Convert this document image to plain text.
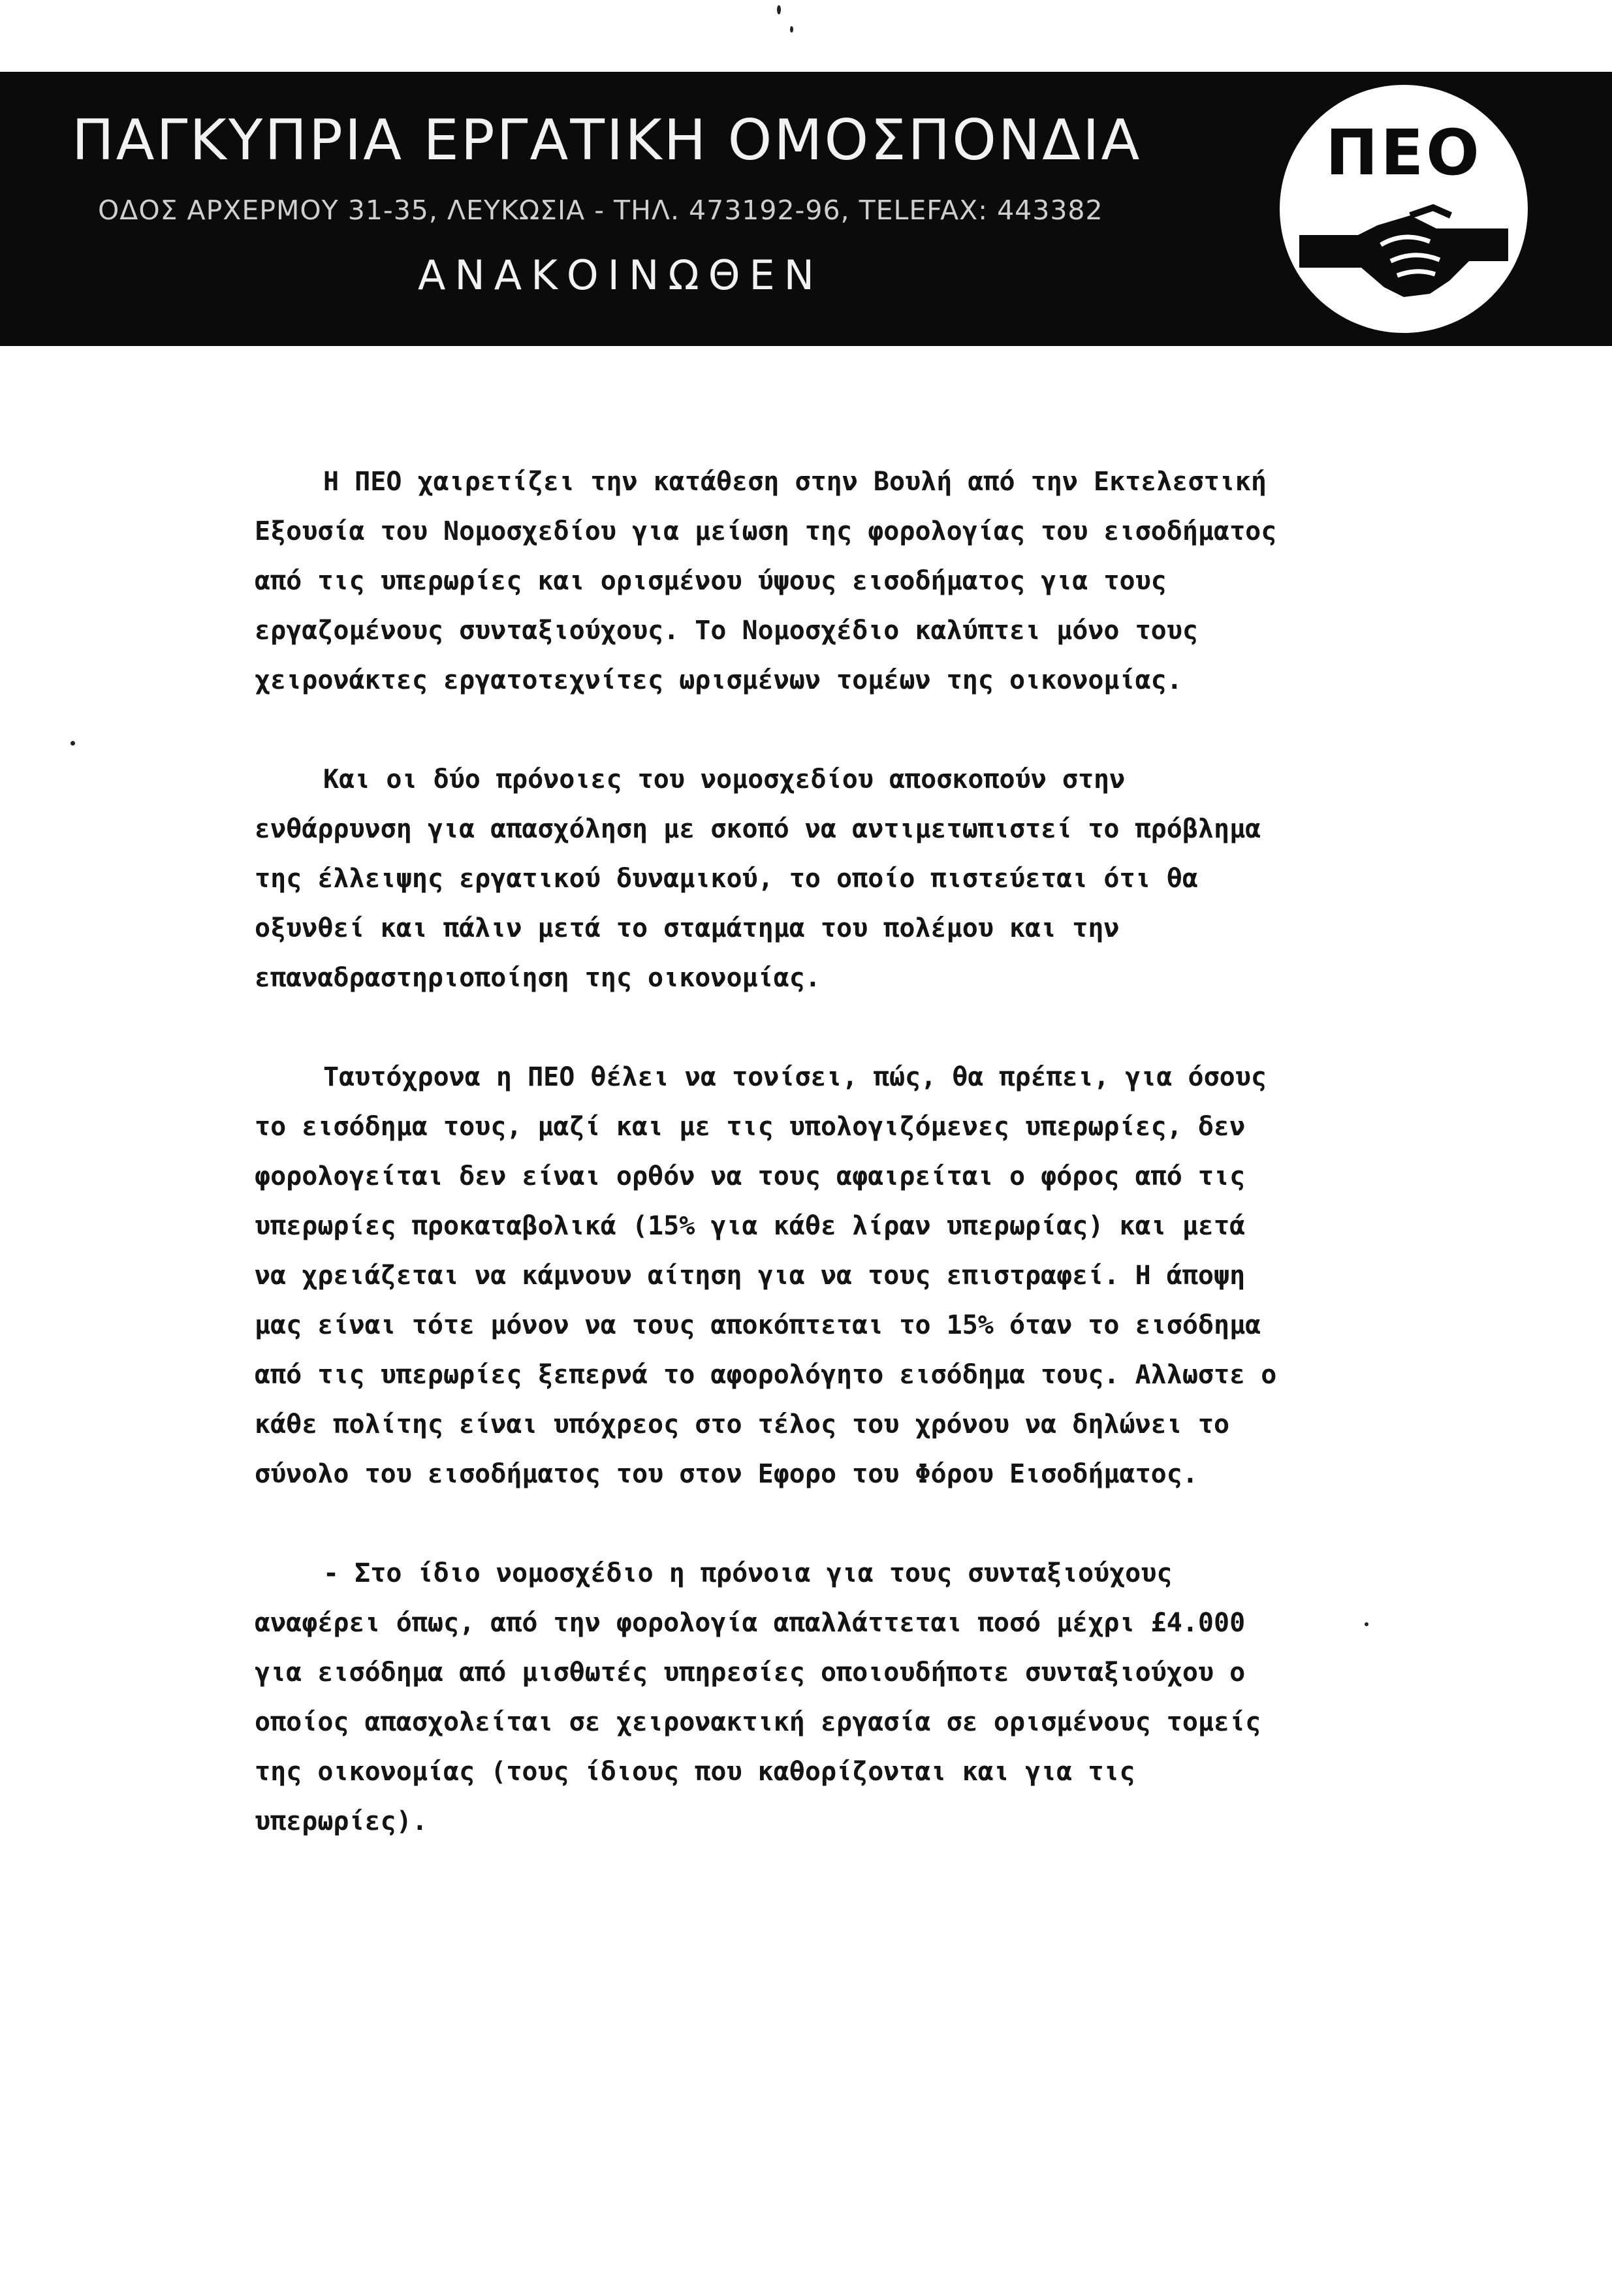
ΠΑΓΚΥΠΡΙΑ ΕΡΓΑΤΙΚΗ ΟΜΟΣΠΟΝΔΙΑ
ΟΔΟΣ ΑΡΧΕΡΜΟΥ 31-35, ΛΕΥΚΩΣΙΑ - ΤΗΛ. 473192-96, TELEFAX: 443382
ΑΝΑΚΟΙΝΩΘΕΝ
ΠΕΟ
Η ΠΕΟ χαιρετίζει την κατάθεση στην Βουλή από την Εκτελεστική
Εξουσία του Νομοσχεδίου για μείωση της φορολογίας του εισοδήματος
από τις υπερωρίες και ορισμένου ύψους εισοδήματος για τους
εργαζομένους συνταξιούχους. Το Νομοσχέδιο καλύπτει μόνο τους
χειρονάκτες εργατοτεχνίτες ωρισμένων τομέων της οικονομίας.
Και οι δύο πρόνοιες του νομοσχεδίου αποσκοπούν στην
ενθάρρυνση για απασχόληση με σκοπό να αντιμετωπιστεί το πρόβλημα
της έλλειψης εργατικού δυναμικού, το οποίο πιστεύεται ότι θα
οξυνθεί και πάλιν μετά το σταμάτημα του πολέμου και την
επαναδραστηριοποίηση της οικονομίας.
Ταυτόχρονα η ΠΕΟ θέλει να τονίσει, πώς, θα πρέπει, για όσους
το εισόδημα τους, μαζί και με τις υπολογιζόμενες υπερωρίες, δεν
φορολογείται δεν είναι ορθόν να τους αφαιρείται ο φόρος από τις
υπερωρίες προκαταβολικά (15% για κάθε λίραν υπερωρίας) και μετά
να χρειάζεται να κάμνουν αίτηση για να τους επιστραφεί. Η άποψη
μας είναι τότε μόνον να τους αποκόπτεται το 15% όταν το εισόδημα
από τις υπερωρίες ξεπερνά το αφορολόγητο εισόδημα τους. Αλλωστε ο
κάθε πολίτης είναι υπόχρεος στο τέλος του χρόνου να δηλώνει το
σύνολο του εισοδήματος του στον Εφορο του Φόρου Εισοδήματος.
- Στο ίδιο νομοσχέδιο η πρόνοια για τους συνταξιούχους
αναφέρει όπως, από την φορολογία απαλλάττεται ποσό μέχρι £4.000
για εισόδημα από μισθωτές υπηρεσίες οποιουδήποτε συνταξιούχου ο
οποίος απασχολείται σε χειρονακτική εργασία σε ορισμένους τομείς
της οικονομίας (τους ίδιους που καθορίζονται και για τις
υπερωρίες).
